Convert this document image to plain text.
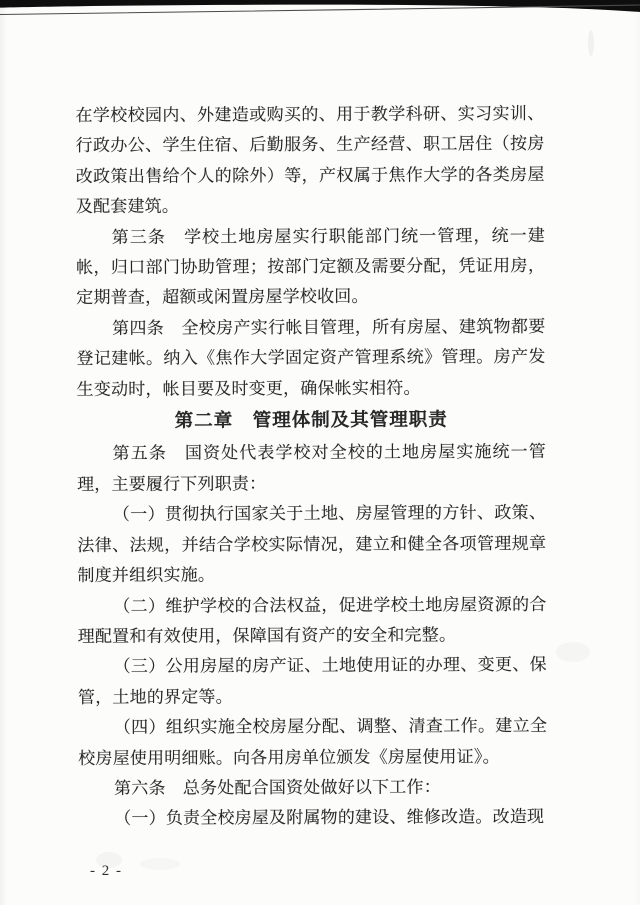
在学校校园内、外建造或购买的、用于教学科研、实习实训、行政办公、学生住宿、后勤服务、生产经营、职工居住（按房改政策出售给个人的除外）等，产权属于焦作大学的各类房屋及配套建筑。

第三条　学校土地房屋实行职能部门统一管理，统一建帐，归口部门协助管理；按部门定额及需要分配，凭证用房，定期普查，超额或闲置房屋学校收回。

第四条　全校房产实行帐目管理，所有房屋、建筑物都要登记建帐。纳入《焦作大学固定资产管理系统》管理。房产发生变动时，帐目要及时变更，确保帐实相符。

第二章　管理体制及其管理职责

第五条　国资处代表学校对全校的土地房屋实施统一管理，主要履行下列职责：

（一）贯彻执行国家关于土地、房屋管理的方针、政策、法律、法规，并结合学校实际情况，建立和健全各项管理规章制度并组织实施。

（二）维护学校的合法权益，促进学校土地房屋资源的合理配置和有效使用，保障国有资产的安全和完整。

（三）公用房屋的房产证、土地使用证的办理、变更、保管，土地的界定等。

（四）组织实施全校房屋分配、调整、清查工作。建立全校房屋使用明细账。向各用房单位颁发《房屋使用证》。

第六条　总务处配合国资处做好以下工作：

（一）负责全校房屋及附属物的建设、维修改造。改造现

- 2 -
